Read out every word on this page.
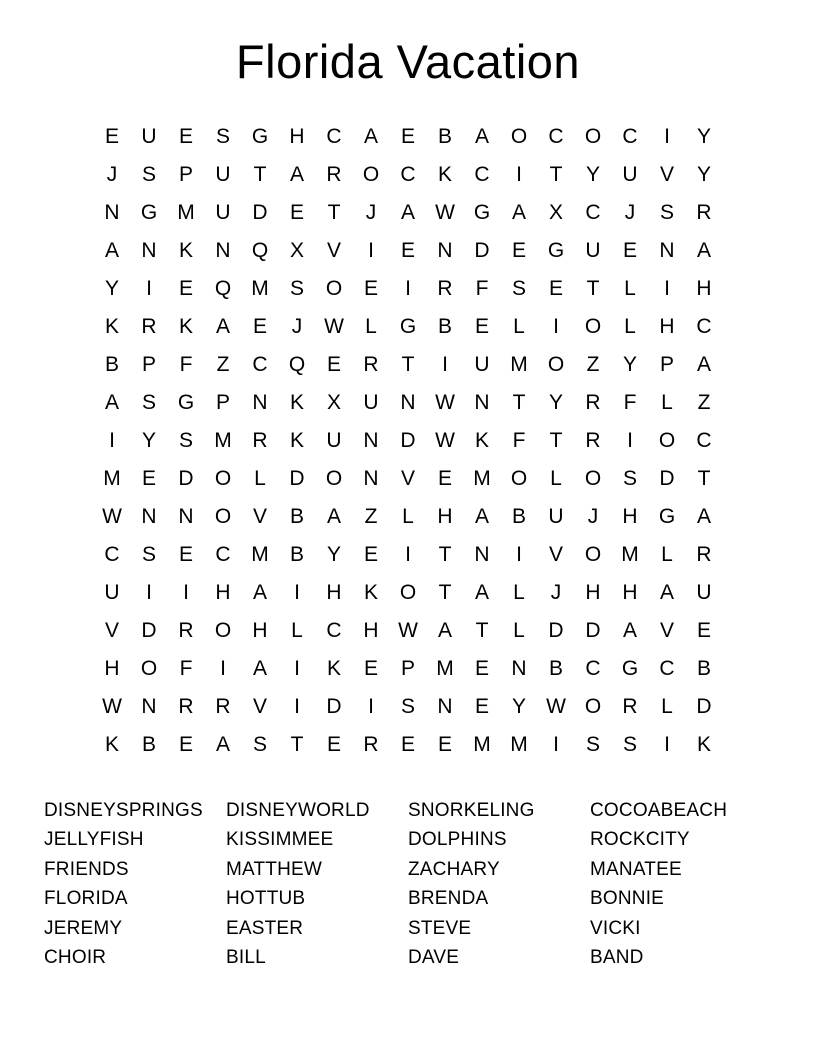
Florida Vacation
E	U	E	S	G	H	C	A	E	B	A	O	C	O	C	I	Y
J	S	P	U	T	A	R	O	C	K	C	I	T	Y	U	V	Y
N	G M U	D	E	T	J	A W G	A	X	C	J	S	R
A	N	K	N	Q	X	V	I	E	N	D	E	G	U	E	N	A
Y	I	E	Q M	S	O	E	I	R	F	S	E	T	L	I	H
K	R	K	A	E	J	W	L	G	B	E	L	I	O	L	H	C
B	P	F	Z	C	Q	E	R	T	I	U M O	Z	Y	P	A
A	S	G	P	N	K	X	U	N W N	T	Y	R	F	L	Z
I	Y	S	M R	K	U	N	D W K	F	T	R	I	O	C
M	E	D	O	L	D	O	N	V	E	M O	L	O	S	D	T
W N	N	O	V	B	A	Z	L	H	A	B	U	J	H	G	A
C	S	E	C M	B	Y	E	I	T	N	I	V	O M	L	R
U	I	I	H	A	I	H	K	O	T	A	L	J	H	H	A	U
V	D	R	O	H	L	C	H W A	T	L	D	D	A	V	E
H	O	F	I	A	I	K	E	P	M	E	N	B	C	G	C	B
W N	R	R	V	I	D	I	S	N	E	Y W O	R	L	D
K	B	E	A	S	T	E	R	E	E	M M	I	S	S	I	K
DISNEYSPRINGS
JELLYFISH
FRIENDS
FLORIDA
JEREMY
CHOIR
DISNEYWORLD
KISSIMMEE
MATTHEW
HOTTUB
EASTER
BILL
SNORKELING
DOLPHINS
ZACHARY
BRENDA
STEVE
DAVE
COCOABEACH
ROCKCITY
MANATEE
BONNIE
VICKI
BAND
